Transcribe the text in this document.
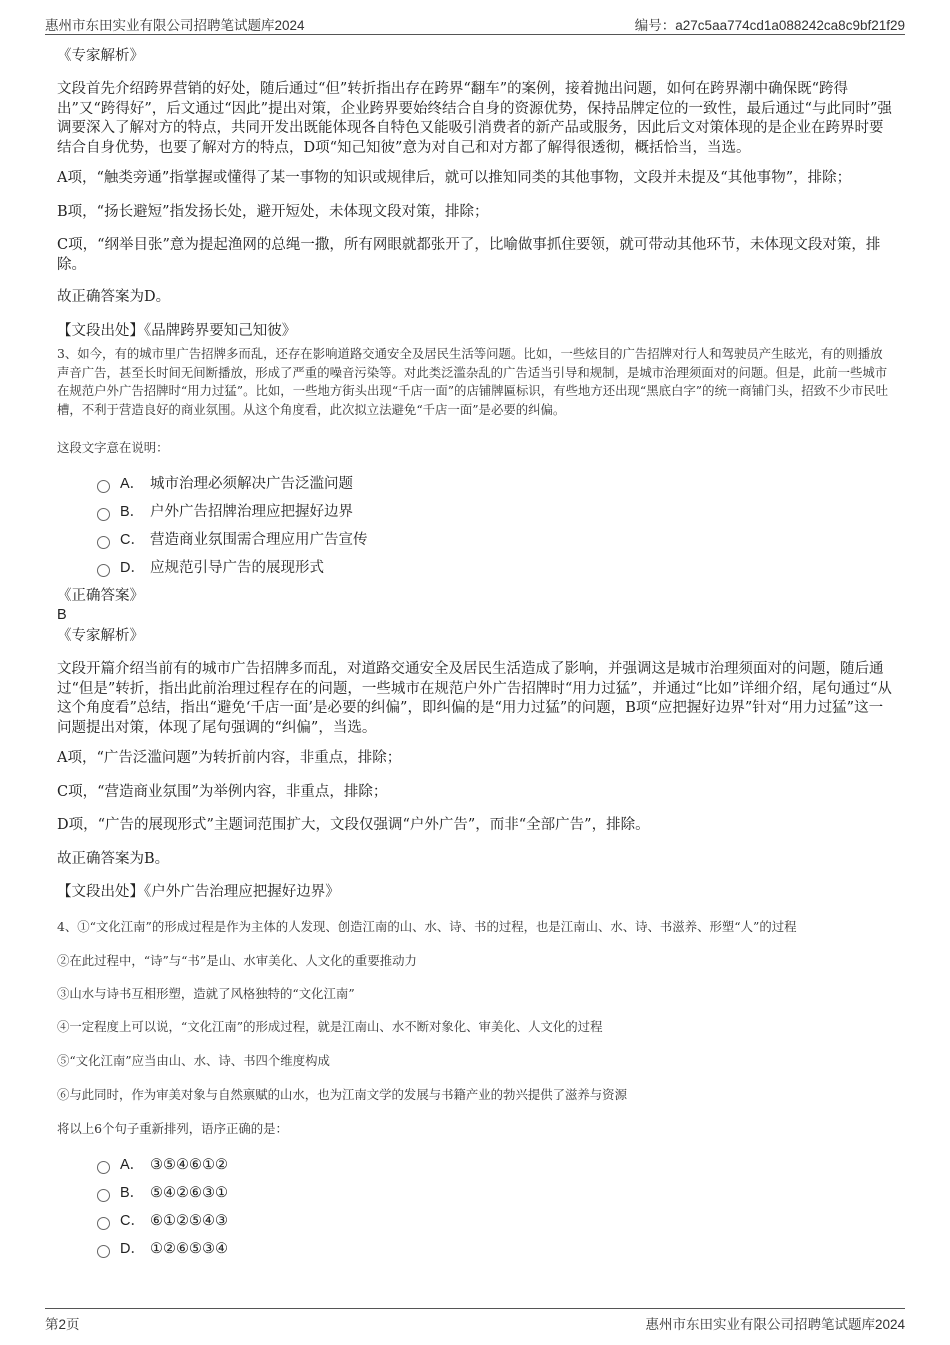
惠州市东田实业有限公司招聘笔试题库2024	编号：a27c5aa774cd1a088242ca8c9bf21f29

《专家解析》

文段首先介绍跨界营销的好处，随后通过“但”转折指出存在跨界“翻车”的案例，接着抛出问题，如何在跨界潮中确保既“跨得出”又“跨得好”，后文通过“因此”提出对策，企业跨界要始终结合自身的资源优势，保持品牌定位的一致性，最后通过“与此同时”强调要深入了解对方的特点，共同开发出既能体现各自特色又能吸引消费者的新产品或服务，因此后文对策体现的是企业在跨界时要结合自身优势，也要了解对方的特点，D项“知己知彼”意为对自己和对方都了解得很透彻，概括恰当，当选。

A项，“触类旁通”指掌握或懂得了某一事物的知识或规律后，就可以推知同类的其他事物，文段并未提及“其他事物”，排除；

B项，“扬长避短”指发扬长处，避开短处，未体现文段对策，排除；

C项，“纲举目张”意为提起渔网的总绳一撒，所有网眼就都张开了，比喻做事抓住要领，就可带动其他环节，未体现文段对策，排除。

故正确答案为D。

【文段出处】《品牌跨界要知己知彼》

3、如今，有的城市里广告招牌多而乱，还存在影响道路交通安全及居民生活等问题。比如，一些炫目的广告招牌对行人和驾驶员产生眩光，有的则播放声音广告，甚至长时间无间断播放，形成了严重的噪音污染等。对此类泛滥杂乱的广告适当引导和规制，是城市治理须面对的问题。但是，此前一些城市在规范户外广告招牌时“用力过猛”。比如，一些地方街头出现“千店一面”的店铺牌匾标识，有些地方还出现“黑底白字”的统一商铺门头，招致不少市民吐槽，不利于营造良好的商业氛围。从这个角度看，此次拟立法避免“千店一面”是必要的纠偏。

这段文字意在说明：

A． 城市治理必须解决广告泛滥问题
B． 户外广告招牌治理应把握好边界
C． 营造商业氛围需合理应用广告宣传
D． 应规范引导广告的展现形式

《正确答案》

B

《专家解析》

文段开篇介绍当前有的城市广告招牌多而乱，对道路交通安全及居民生活造成了影响，并强调这是城市治理须面对的问题，随后通过“但是”转折，指出此前治理过程存在的问题，一些城市在规范户外广告招牌时“用力过猛”，并通过“比如”详细介绍，尾句通过“从这个角度看”总结，指出“避免‘千店一面’是必要的纠偏”，即纠偏的是“用力过猛”的问题，B项“应把握好边界”针对“用力过猛”这一问题提出对策，体现了尾句强调的“纠偏”，当选。

A项，“广告泛滥问题”为转折前内容，非重点，排除；

C项，“营造商业氛围”为举例内容，非重点，排除；

D项，“广告的展现形式”主题词范围扩大，文段仅强调“户外广告”，而非“全部广告”，排除。

故正确答案为B。

【文段出处】《户外广告治理应把握好边界》

4、①“文化江南”的形成过程是作为主体的人发现、创造江南的山、水、诗、书的过程，也是江南山、水、诗、书滋养、形塑“人”的过程

②在此过程中，“诗”与“书”是山、水审美化、人文化的重要推动力

③山水与诗书互相形塑，造就了风格独特的“文化江南”

④一定程度上可以说，“文化江南”的形成过程，就是江南山、水不断对象化、审美化、人文化的过程

⑤“文化江南”应当由山、水、诗、书四个维度构成

⑥与此同时，作为审美对象与自然禀赋的山水，也为江南文学的发展与书籍产业的勃兴提供了滋养与资源

将以上6个句子重新排列，语序正确的是：

A． ③⑤④⑥①②
B． ⑤④②⑥③①
C． ⑥①②⑤④③
D． ①②⑥⑤③④
第2页	惠州市东田实业有限公司招聘笔试题库2024
